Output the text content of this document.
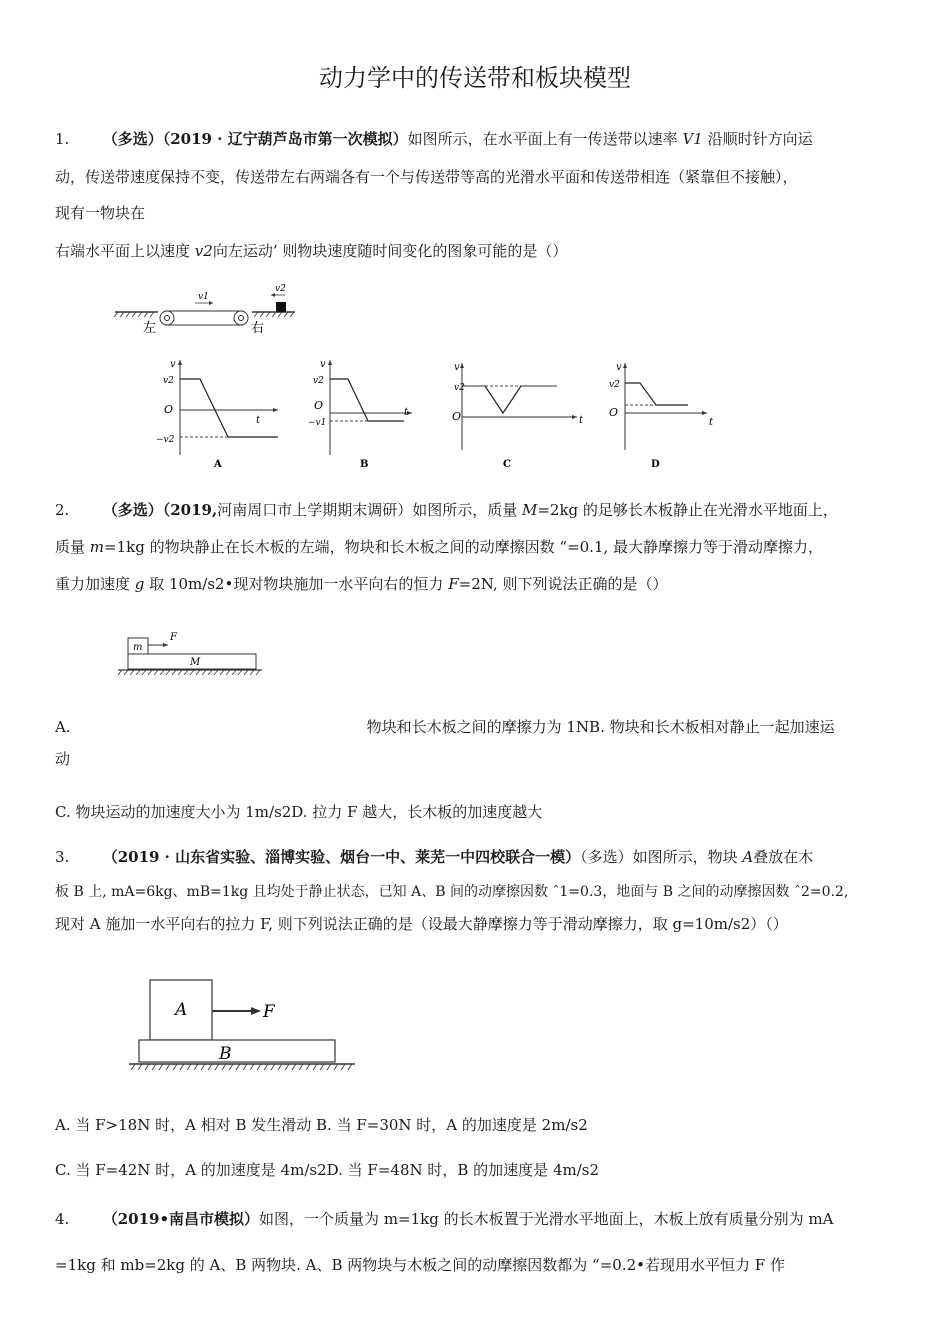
动力学中的传送带和板块模型
1. （多选）（2019 · 辽宁葫芦岛市第一次模拟）如图所示，在水平面上有一传送带以速率 V1 沿顺时针方向运
动，传送带速度保持不变，传送带左右两端各有一个与传送带等高的光滑水平面和传送带相连（紧靠但不接触），
现有一物块在
右端水平面上以速度 v2向左运动’ 则物块速度随时间变化的图象可能的是（）
v1
v2
左	右
v
v2
O
t
−v2
A
v
v2
O
t
−v1
B
v
v2
O	t
C
v
v2
O
t
D
2. （多选）（2019,河南周口市上学期期末调研）如图所示，质量 M=2kg 的足够长木板静止在光滑水平地面上，
质量 m=1kg 的物块静止在长木板的左端，物块和长木板之间的动摩擦因数 “=0.1, 最大静摩擦力等于滑动摩擦力，
重力加速度 g 取 10m/s2•现对物块施加一水平向右的恒力 F=2N, 则下列说法正确的是（）
m
F
M
A.	物块和长木板之间的摩擦力为 1NB. 物块和长木板相对静止一起加速运
动
C. 物块运动的加速度大小为 1m/s2D. 拉力 F 越大，长木板的加速度越大
3. （2019 · 山东省实验、淄博实验、烟台一中、莱芜一中四校联合一模）（多选）如图所示，物块 A叠放在木
板 B 上, mA=6kg、mB=1kg 且均处于静止状态，已知 A、B 间的动摩擦因数 ˆ1=0.3，地面与 B 之间的动摩擦因数 ˆ2=0.2,
现对 A 施加一水平向右的拉力 F, 则下列说法正确的是（设最大静摩擦力等于滑动摩擦力，取 g=10m/s2）（）
A	F
B
A. 当 F>18N 时，A 相对 B 发生滑动 B. 当 F=30N 时，A 的加速度是 2m/s2
C. 当 F=42N 时，A 的加速度是 4m/s2D. 当 F=48N 时，B 的加速度是 4m/s2
4. （2019•南昌市模拟）如图，一个质量为 m=1kg 的长木板置于光滑水平地面上，木板上放有质量分别为 mA
=1kg 和 mb=2kg 的 A、B 两物块. A、B 两物块与木板之间的动摩擦因数都为 “=0.2•若现用水平恒力 F 作
